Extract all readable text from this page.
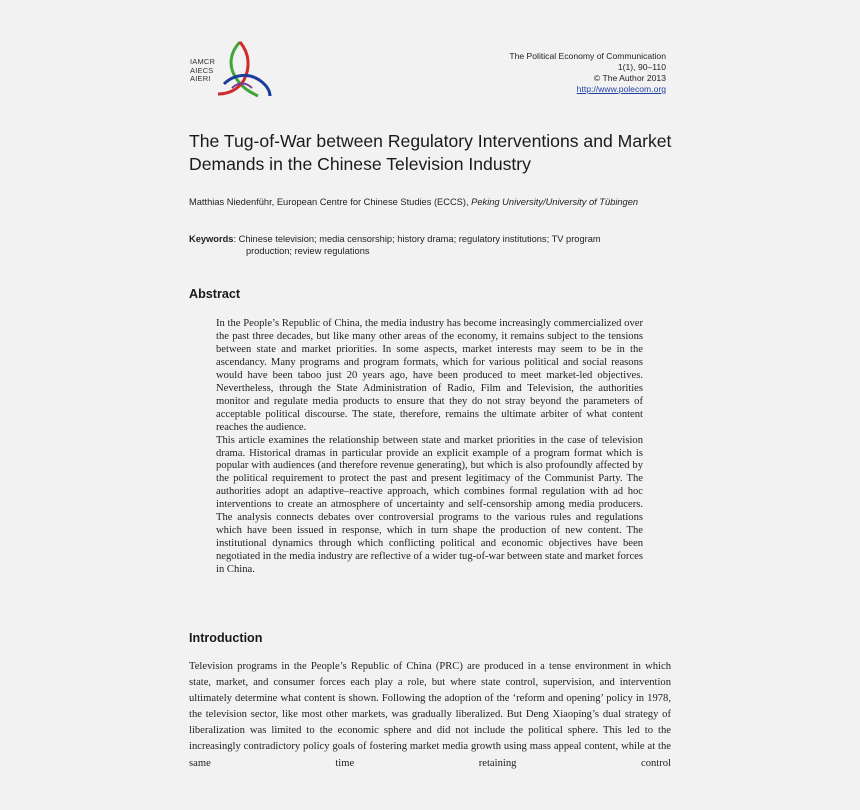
IAMCR
AIECS
AIERI
The Political Economy of Communication
1(1), 90–110
© The Author 2013
http://www.polecom.org
The Tug-of-War between Regulatory Interventions and Market Demands in the Chinese Television Industry
Matthias Niedenführ, European Centre for Chinese Studies (ECCS), Peking University/University of Tübingen
Keywords: Chinese television; media censorship; history drama; regulatory institutions; TV program
production; review regulations
Abstract

In the People’s Republic of China, the media industry has become increasingly commercialized over the past three decades, but like many other areas of the economy, it remains subject to the tensions between state and market priorities. In some aspects, market interests may seem to be in the ascendancy. Many programs and program formats, which for various political and social reasons would have been taboo just 20 years ago, have been produced to meet market-led objectives. Nevertheless, through the State Administration of Radio, Film and Television, the authorities monitor and regulate media products to ensure that they do not stray beyond the parameters of acceptable political discourse. The state, therefore, remains the ultimate arbiter of what content reaches the audience.

This article examines the relationship between state and market priorities in the case of television drama. Historical dramas in particular provide an explicit example of a program format which is popular with audiences (and therefore revenue generating), but which is also profoundly affected by the political requirement to protect the past and present legitimacy of the Communist Party. The authorities adopt an adaptive–reactive approach, which combines formal regulation with ad hoc interventions to create an atmosphere of uncertainty and self-censorship among media producers. The analysis connects debates over controversial programs to the various rules and regulations which have been issued in response, which in turn shape the production of new content. The institutional dynamics through which conflicting political and economic objectives have been negotiated in the media industry are reflective of a wider tug-of-war between state and market forces in China.

Introduction

Television programs in the People’s Republic of China (PRC) are produced in a tense environment in which state, market, and consumer forces each play a role, but where state control, supervision, and intervention ultimately determine what content is shown. Following the adoption of the ‘reform and opening’ policy in 1978, the television sector, like most other markets, was gradually liberalized. But Deng Xiaoping’s dual strategy of liberalization was limited to the economic sphere and did not include the political sphere. This led to the increasingly contradictory policy goals of fostering market media growth using mass appeal content, while at the same time retaining control
